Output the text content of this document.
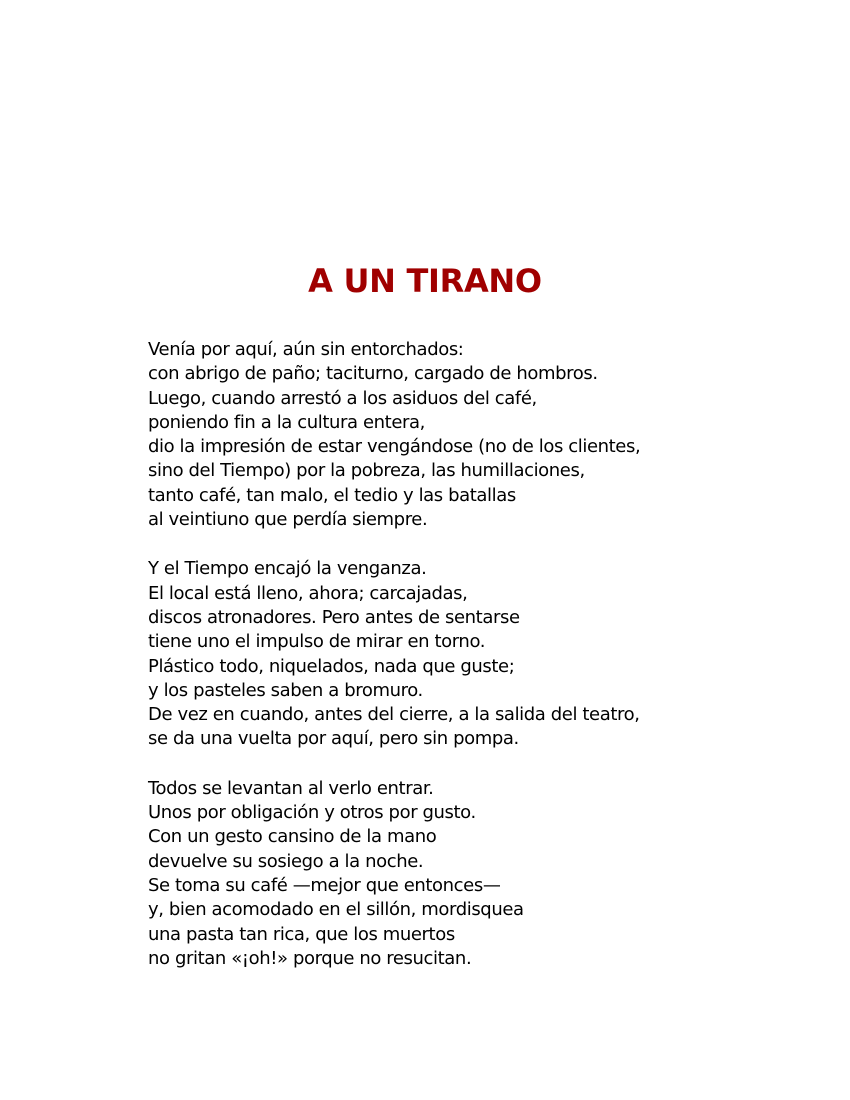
A UN TIRANO
Venía por aquí, aún sin entorchados:
con abrigo de paño; taciturno, cargado de hombros.
Luego, cuando arrestó a los asiduos del café,
poniendo fin a la cultura entera,
dio la impresión de estar vengándose (no de los clientes,
sino del Tiempo) por la pobreza, las humillaciones,
tanto café, tan malo, el tedio y las batallas
al veintiuno que perdía siempre.
Y el Tiempo encajó la venganza.
El local está lleno, ahora; carcajadas,
discos atronadores. Pero antes de sentarse
tiene uno el impulso de mirar en torno.
Plástico todo, niquelados, nada que guste;
y los pasteles saben a bromuro.
De vez en cuando, antes del cierre, a la salida del teatro,
se da una vuelta por aquí, pero sin pompa.
Todos se levantan al verlo entrar.
Unos por obligación y otros por gusto.
Con un gesto cansino de la mano
devuelve su sosiego a la noche.
Se toma su café —mejor que entonces—
y, bien acomodado en el sillón, mordisquea
una pasta tan rica, que los muertos
no gritan «¡oh!» porque no resucitan.
